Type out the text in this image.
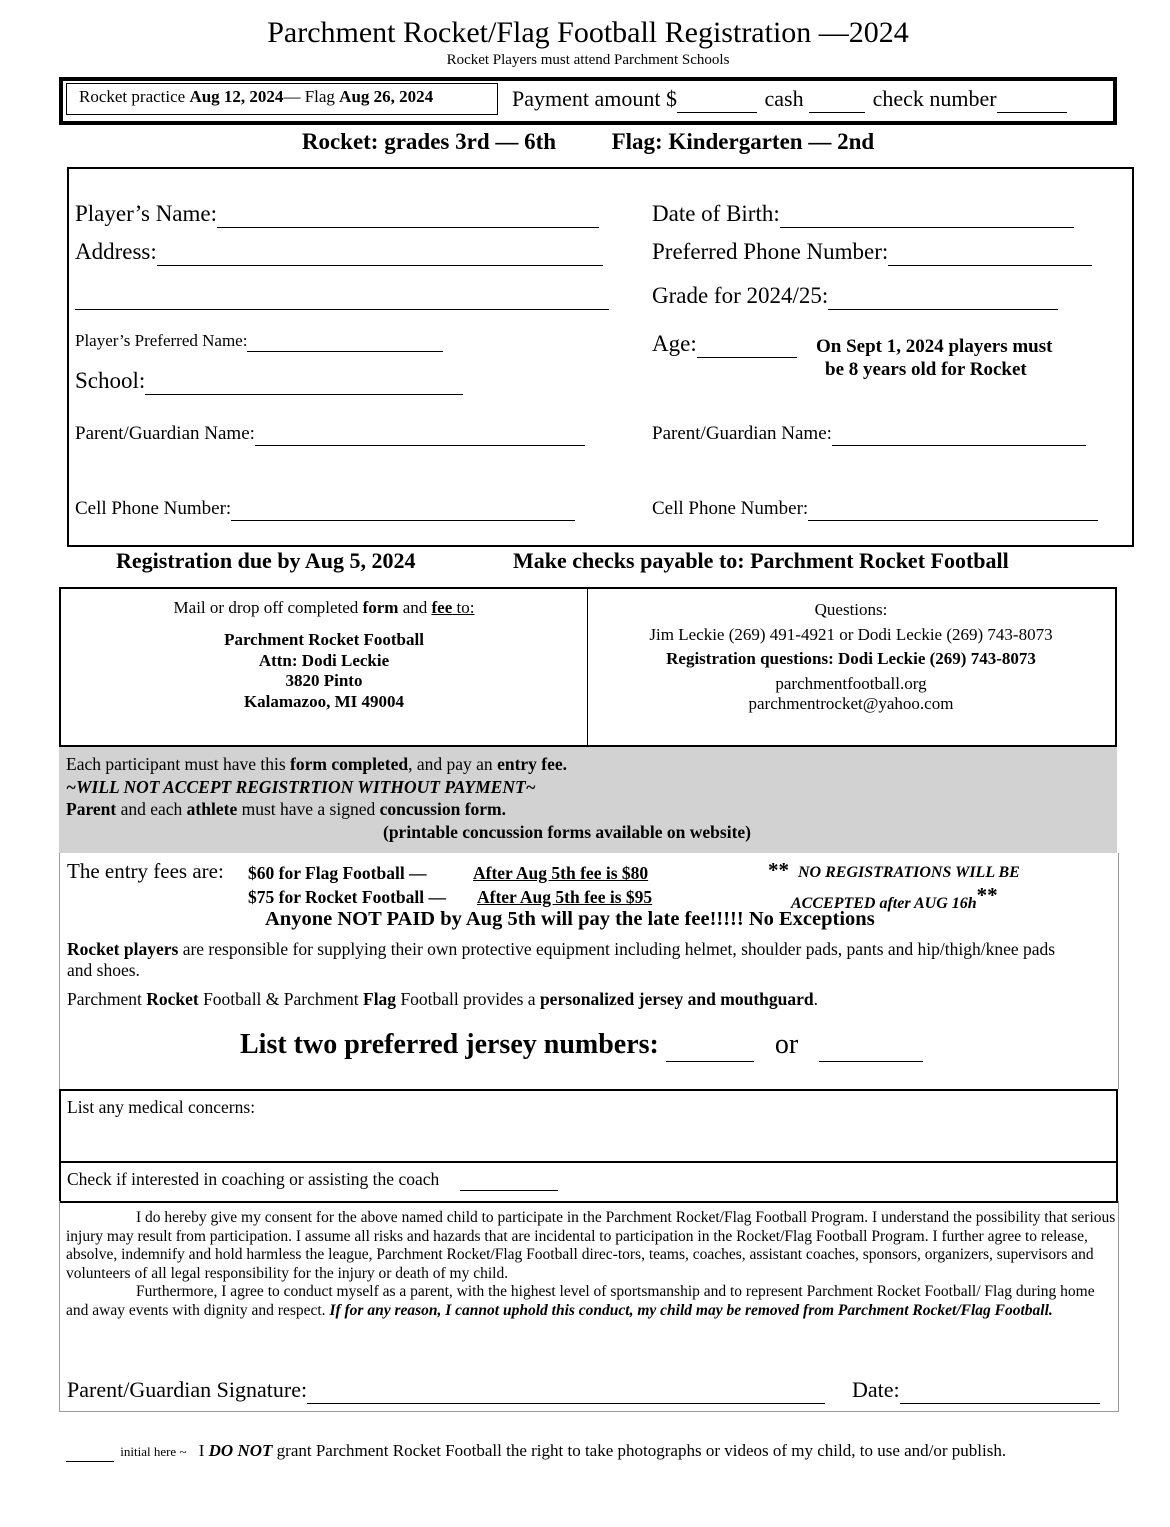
Parchment Rocket/Flag Football Registration —2024
Rocket Players must attend Parchment Schools
Rocket practice Aug 12, 2024— Flag Aug 26, 2024	Payment amount $	cash	check number
Rocket: grades 3rd — 6th Flag: Kindergarten — 2nd
Player’s Name:
Address:

Player’s Preferred Name:
School:
Parent/Guardian Name:
Cell Phone Number:
Date of Birth:
Preferred Phone Number:
Grade for 2024/25:
Age:	On Sept 1, 2024 players must
be 8 years old for Rocket
Parent/Guardian Name:
Cell Phone Number:
Registration due by Aug 5, 2024	Make checks payable to: Parchment Rocket Football
Mail or drop off completed form and fee to:
Parchment Rocket Football
Attn: Dodi Leckie
3820 Pinto
Kalamazoo, MI 49004
Questions:
Jim Leckie (269) 491-4921 or Dodi Leckie (269) 743-8073
Registration questions: Dodi Leckie (269) 743-8073
parchmentfootball.org
parchmentrocket@yahoo.com
Each participant must have this form completed, and pay an entry fee.
~WILL NOT ACCEPT REGISTRTION WITHOUT PAYMENT~
Parent and each athlete must have a signed concussion form.
(printable concussion forms available on website)
The entry fees are: $60 for Flag Football —	After Aug 5th fee is $80
$75 for Rocket Football — After Aug 5th fee is $95
** NO REGISTRATIONS WILL BE
ACCEPTED after AUG 16h**
Anyone NOT PAID by Aug 5th will pay the late fee!!!!! No Exceptions
Rocket players are responsible for supplying their own protective equipment including helmet, shoulder pads, pants and hip/thigh/knee pads and shoes.
Parchment Rocket Football & Parchment Flag Football provides a personalized jersey and mouthguard.
List two preferred jersey numbers:	or
List any medical concerns:
Check if interested in coaching or assisting the coach
I do hereby give my consent for the above named child to participate in the Parchment Rocket/Flag Football Program. I understand the possibility that serious injury may result from participation. I assume all risks and hazards that are incidental to participation in the Rocket/Flag Football Program. I further agree to release, absolve, indemnify and hold harmless the league, Parchment Rocket/Flag Football direc-tors, teams, coaches, assistant coaches, sponsors, organizers, supervisors and volunteers of all legal responsibility for the injury or death of my child.
Furthermore, I agree to conduct myself as a parent, with the highest level of sportsmanship and to represent Parchment Rocket Football/ Flag during home and away events with dignity and respect. If for any reason, I cannot uphold this conduct, my child may be removed from Parchment Rocket/Flag Football.
Parent/Guardian Signature:	Date:
initial here ~ I DO NOT grant Parchment Rocket Football the right to take photographs or videos of my child, to use and/or publish.
